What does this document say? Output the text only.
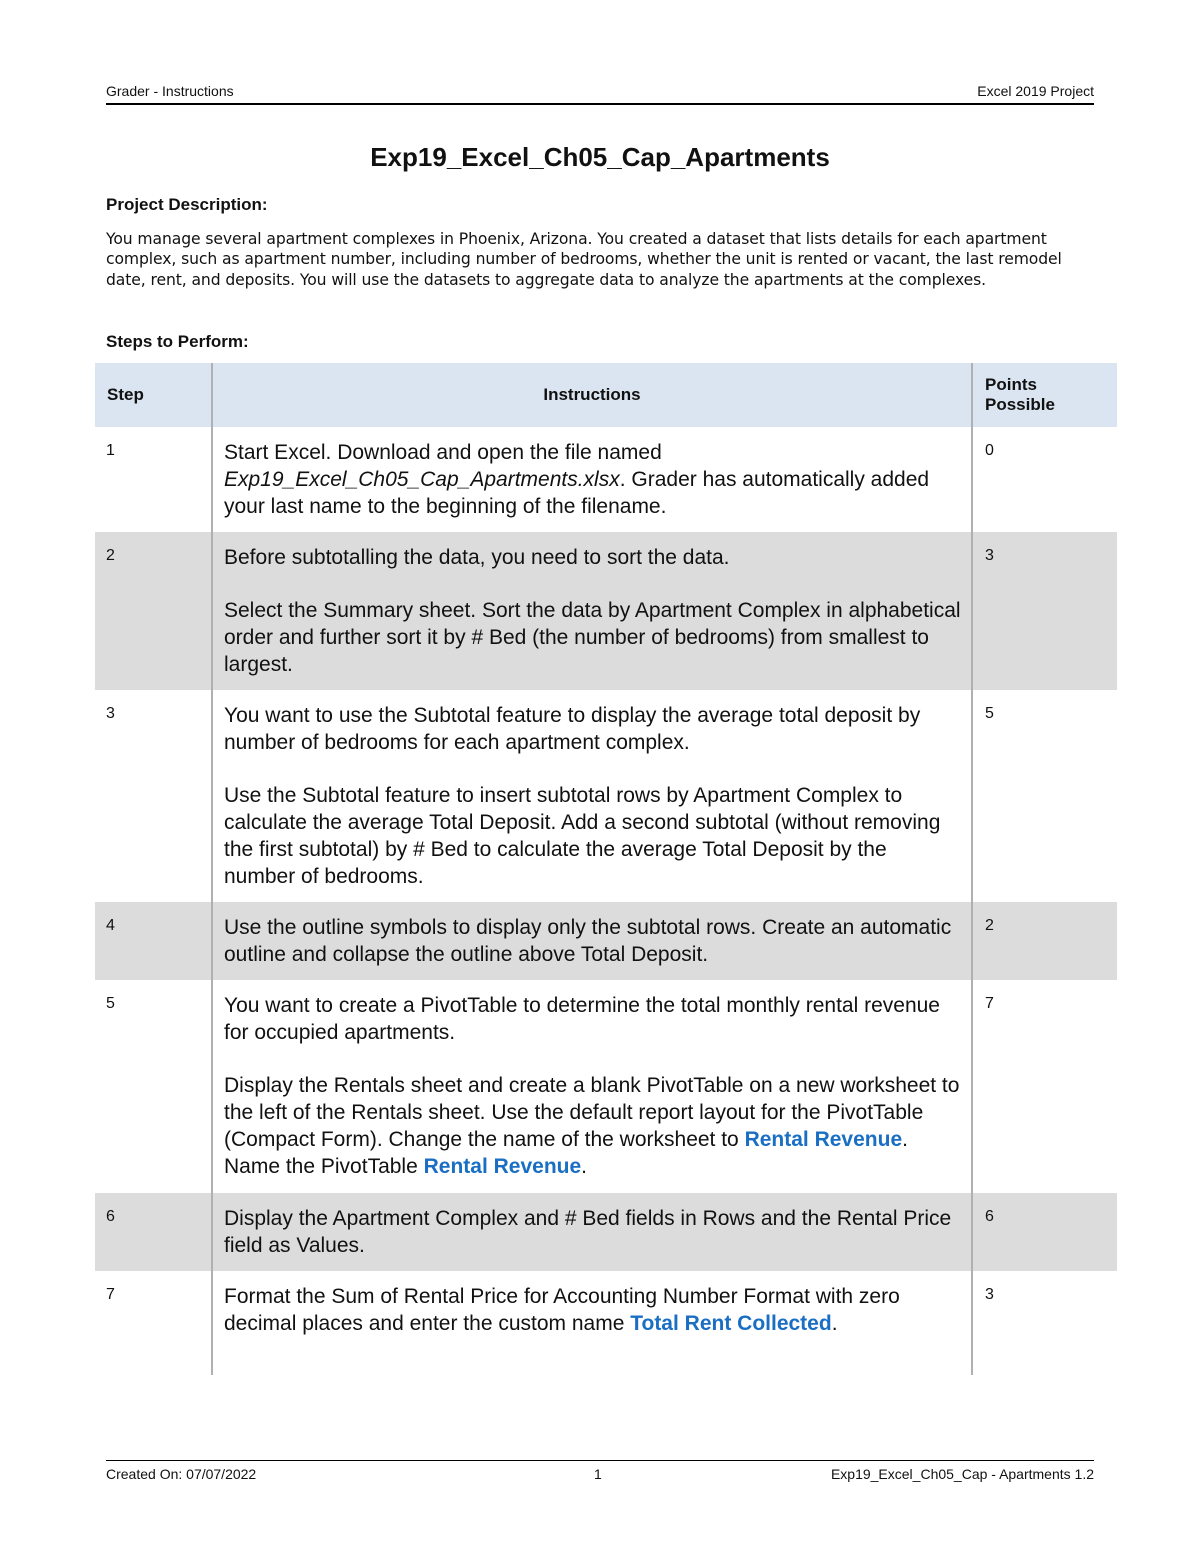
Grader - Instructions	Excel 2019 Project
Exp19_Excel_Ch05_Cap_Apartments
Project Description:
You manage several apartment complexes in Phoenix, Arizona. You created a dataset that lists details for each apartment complex, such as apartment number, including number of bedrooms, whether the unit is rented or vacant, the last remodel date, rent, and deposits. You will use the datasets to aggregate data to analyze the apartments at the complexes.
Steps to Perform:
Step	Instructions	Points
Possible
1	Start Excel. Download and open the file named Exp19_Excel_Ch05_Cap_Apartments.xlsx. Grader has automatically added your last name to the beginning of the filename.	0
2	Before subtotalling the data, you need to sort the data.

Select the Summary sheet. Sort the data by Apartment Complex in alphabetical order and further sort it by # Bed (the number of bedrooms) from smallest to largest.	3
3	You want to use the Subtotal feature to display the average total deposit by number of bedrooms for each apartment complex.

Use the Subtotal feature to insert subtotal rows by Apartment Complex to calculate the average Total Deposit. Add a second subtotal (without removing the first subtotal) by # Bed to calculate the average Total Deposit by the number of bedrooms.	5
4	Use the outline symbols to display only the subtotal rows. Create an automatic outline and collapse the outline above Total Deposit.	2
5	You want to create a PivotTable to determine the total monthly rental revenue for occupied apartments.

Display the Rentals sheet and create a blank PivotTable on a new worksheet to the left of the Rentals sheet. Use the default report layout for the PivotTable (Compact Form). Change the name of the worksheet to Rental Revenue. Name the PivotTable Rental Revenue.	7
6	Display the Apartment Complex and # Bed fields in Rows and the Rental Price field as Values.	6
7	Format the Sum of Rental Price for Accounting Number Format with zero decimal places and enter the custom name Total Rent Collected.	3
Created On: 07/07/2022	1	Exp19_Excel_Ch05_Cap - Apartments 1.2
